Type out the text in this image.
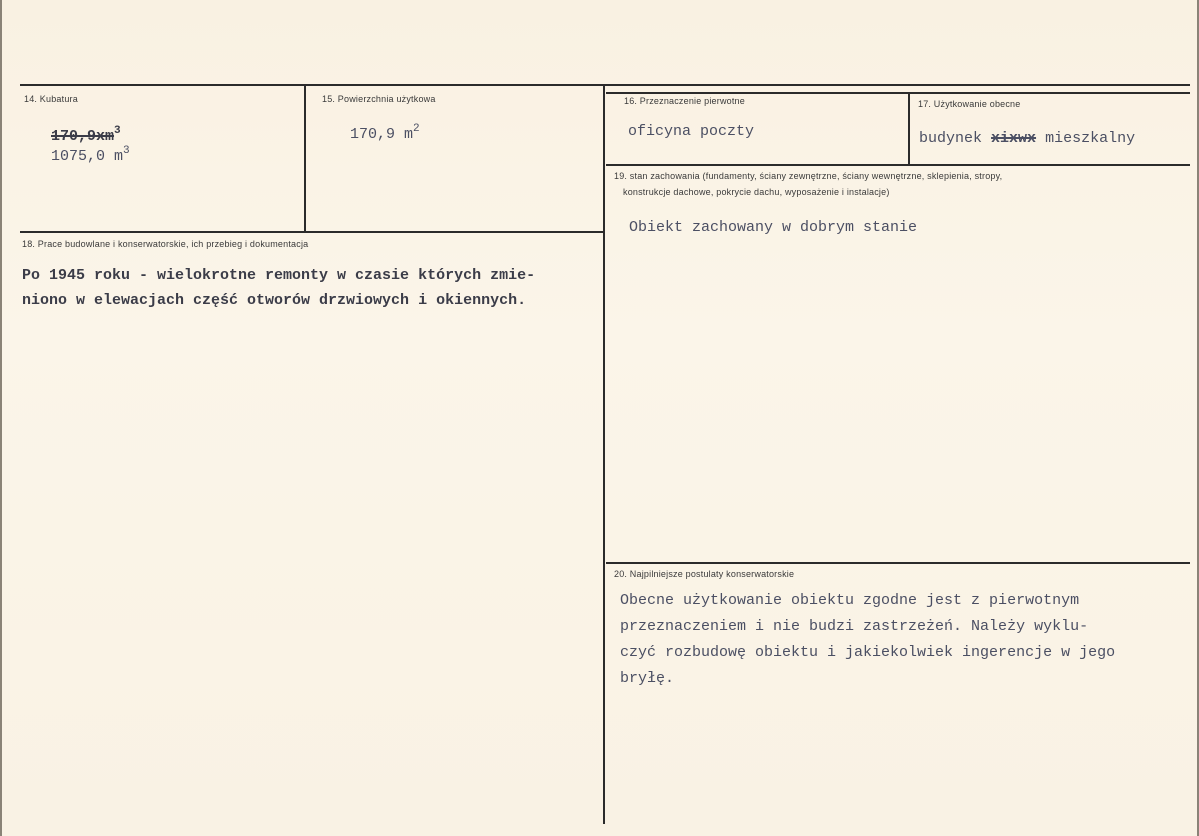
14. Kubatura
$170,9xm^3$
1075,0 $m^3$
15. Powierzchnia użytkowa
170,9 $m^2$
16. Przeznaczenie pierwotne
oficyna poczty
17. Użytkowanie obecne
budynek xixwx mieszkalny
19. stan zachowania (fundamenty, ściany zewnętrzne, ściany wewnętrzne, sklepienia, stropy,
konstrukcje dachowe, pokrycie dachu, wyposażenie i instalacje)
Obiekt zachowany w dobrym stanie
18. Prace budowlane i konserwatorskie, ich przebieg i dokumentacja
Po 1945 roku - wielokrotne remonty w czasie których zmie-
niono w elewacjach część otworów drzwiowych i okiennych.
20. Najpilniejsze postulaty konserwatorskie
Obecne użytkowanie obiektu zgodne jest z pierwotnym
przeznaczeniem i nie budzi zastrzeżeń. Należy wyklu-
czyć rozbudowę obiektu i jakiekolwiek ingerencje w jego
bryłę.
